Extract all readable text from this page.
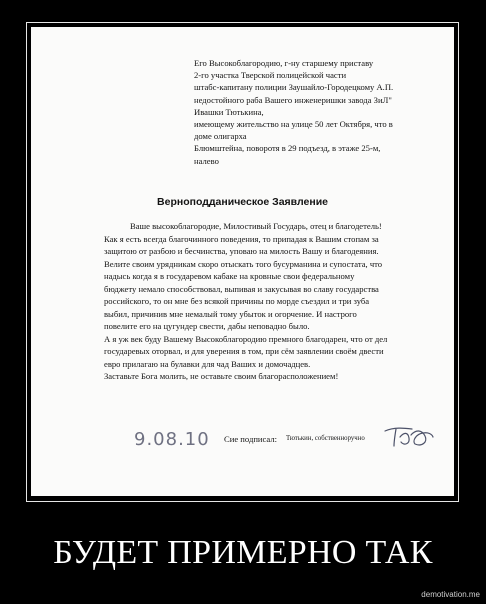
Его Высокоблагородию, г-ну старшему приставу
2-го участка Тверской полицейской части
штабс-капитану полиции Заушайло-Городецкому А.П.
недостойного раба Вашего инженеришки завода ЗиЛ"
Ивашки Тютькина,
имеющему жительство на улице 50 лет Октября, что в
доме олигарха
Блюмштейна, поворотя в 29 подъезд, в этаже 25-м,
налево
Верноподданическое Заявление
Ваше высокоблагородие, Милостивый Государь, отец и благодетель!
Как я есть всегда благочинного поведения, то припадая к Вашим стопам за
защитою от разбою и бесчинства, уповаю на милость Вашу и благодеяния.
Велите своим урядникам скоро отыскать того бусурманина и супостата, что
надысь когда я в государевом кабаке на кровные свои федеральному
бюджету немало способствовал, выпивая и закусывая во славу государства
российского, то он мне без всякой причины по морде съездил и три зуба
выбил, причинив мне немалый тому убыток и огорчение. И настрого
повелите его на цугундер свести, дабы неповадно было.
А я уж век буду Вашему Высокоблагородию премного благодарен, что от дел
государевых оторвал, и для уверения в том, при сём заявлении своём двести
евро прилагаю на булавки для чад Ваших и домочадцев.
Заставьте Бога молить, не оставьте своим благорасположением!
9.08.10 Сие подписал: Тютькин, собственноручно
БУДЕТ ПРИМЕРНО ТАК
demotivation.me
